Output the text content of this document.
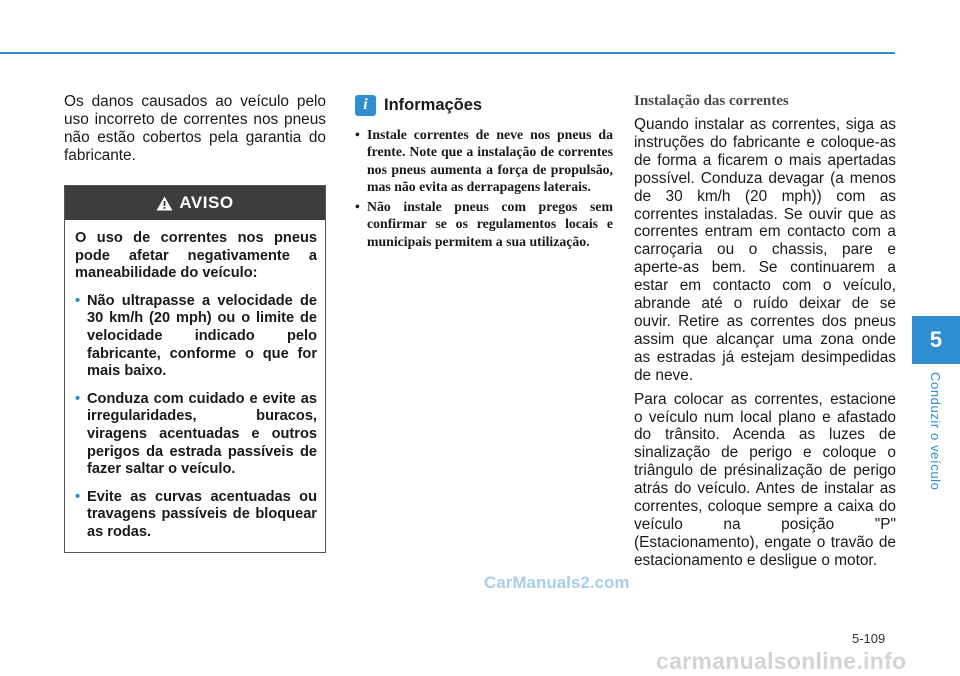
Os danos causados ao veículo pelo uso incorreto de correntes nos pneus não estão cobertos pela garantia do fabricante.

AVISO

O uso de correntes nos pneus pode afetar negativamente a maneabilidade do veículo:

• Não ultrapasse a velocidade de 30 km/h (20 mph) ou o limite de velocidade indicado pelo fabricante, conforme o que for mais baixo.
• Conduza com cuidado e evite as irregularidades, buracos, viragens acentuadas e outros perigos da estrada passíveis de fazer saltar o veículo.
• Evite as curvas acentuadas ou travagens passíveis de bloquear as rodas.
i Informações
• Instale correntes de neve nos pneus da frente. Note que a instalação de correntes nos pneus aumenta a força de propulsão, mas não evita as derrapagens laterais.
• Não instale pneus com pregos sem confirmar se os regulamentos locais e municipais permitem a sua utilização.
Instalação das correntes

Quando instalar as correntes, siga as instruções do fabricante e coloque-as de forma a ficarem o mais apertadas possível. Conduza devagar (a menos de 30 km/h (20 mph)) com as correntes instaladas. Se ouvir que as correntes entram em contacto com a carroçaria ou o chassis, pare e aperte-as bem. Se continuarem a estar em contacto com o veículo, abrande até o ruído deixar de se ouvir. Retire as correntes dos pneus assim que alcançar uma zona onde as estradas já estejam desimpedidas de neve.

Para colocar as correntes, estacione o veículo num local plano e afastado do trânsito. Acenda as luzes de sinalização de perigo e coloque o triângulo de présinalização de perigo atrás do veículo. Antes de instalar as correntes, coloque sempre a caixa do veículo na posição "P" (Estacionamento), engate o travão de estacionamento e desligue o motor.

5
Conduzir o veículo
5-109
CarManuals2.com
carmanualsonline.info
